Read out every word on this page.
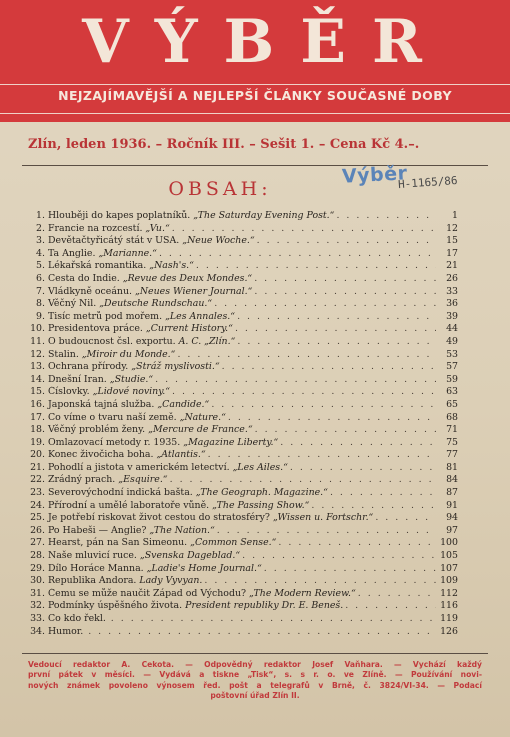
VÝBĚR
NEJZAJÍMAVĚJŠÍ A NEJLEPŠÍ ČLÁNKY SOUČASNÉ DOBY
Zlín, leden 1936. – Ročník III. – Sešit 1. – Cena Kč 4.–.
OBSAH:
Výběr
H-1165/86
1. Hlouběji do kapes poplatníků. „The Saturday Evening Post.“ . . .	1
2. Francie na rozcestí. „Vu.“ . . .	12
3. Devětačtyřicátý stát v USA. „Neue Woche.“ . . .	15
4. Ta Anglie. „Marianne.“ . . .	17
5. Lékařská romantika. „Nash's.“ . . .	21
6. Cesta do Indie. „Revue des Deux Mondes.“ . . .	26
7. Vládkyně oceánu. „Neues Wiener Journal.“ . . .	33
8. Věčný Nil. „Deutsche Rundschau.“ . . .	36
9. Tisíc metrů pod mořem. „Les Annales.“ . . .	39
10. Presidentova práce. „Current History.“ . . .	44
11. O budoucnost čsl. exportu. A. C. „Zlín.“ . . .	49
12. Stalin. „Miroir du Monde.“ . . .	53
13. Ochrana přírody. „Stráž myslivosti.“ . . .	57
14. Dnešní Iran. „Studie.“ . . .	59
15. Číslovky. „Lidové noviny.“ . . .	63
16. Japonská tajná služba. „Candide.“ . . .	65
17. Co víme o tvaru naší země. „Nature.“ . . .	68
18. Věčný problém ženy. „Mercure de France.“ . . .	71
19. Omlazovací metody r. 1935. „Magazine Liberty.“ . . .	75
20. Konec živočicha boha. „Atlantis.“ . . .	77
21. Pohodlí a jistota v americkém letectví. „Les Ailes.“ . . .	81
22. Zrádný prach. „Esquire.“ . . .	84
23. Severovýchodní indická bašta. „The Geograph. Magazine.“ . . .	87
24. Přírodní a umělé laboratoře vůně. „The Passing Show.“ . . .	91
25. Je potřebí riskovat život cestou do stratosféry? „Wissen u. Fortschr.“ . . .	94
26. Po Habeši — Anglie? „The Nation.“ . . .	97
27. Hearst, pán na San Simeonu. „Common Sense.“ . . .	100
28. Naše mluvicí ruce. „Svenska Dageblad.“ . . .	105
29. Dílo Horáce Manna. „Ladie's Home Journal.“ . . .	107
30. Republika Andora. Lady Vyvyan. . . .	109
31. Čemu se může naučit Západ od Východu? „The Modern Review.“ . . .	112
32. Podmínky úspěšného života. President republiky Dr. E. Beneš. . . .	116
33. Co kdo řekl. . . .	119
34. Humor. . . .	126
Vedoucí redaktor A. Cekota. — Odpovědný redaktor Josef Vaňhara. — Vychází každý
první pátek v měsíci. — Vydává a tiskne „Tisk“, s. s r. o. ve Zlíně. — Používání novi-
nových známek povoleno výnosem řed. pošt a telegrafů v Brně, č. 3824/VI-34. — Podací
poštovní úřad Zlín II.
